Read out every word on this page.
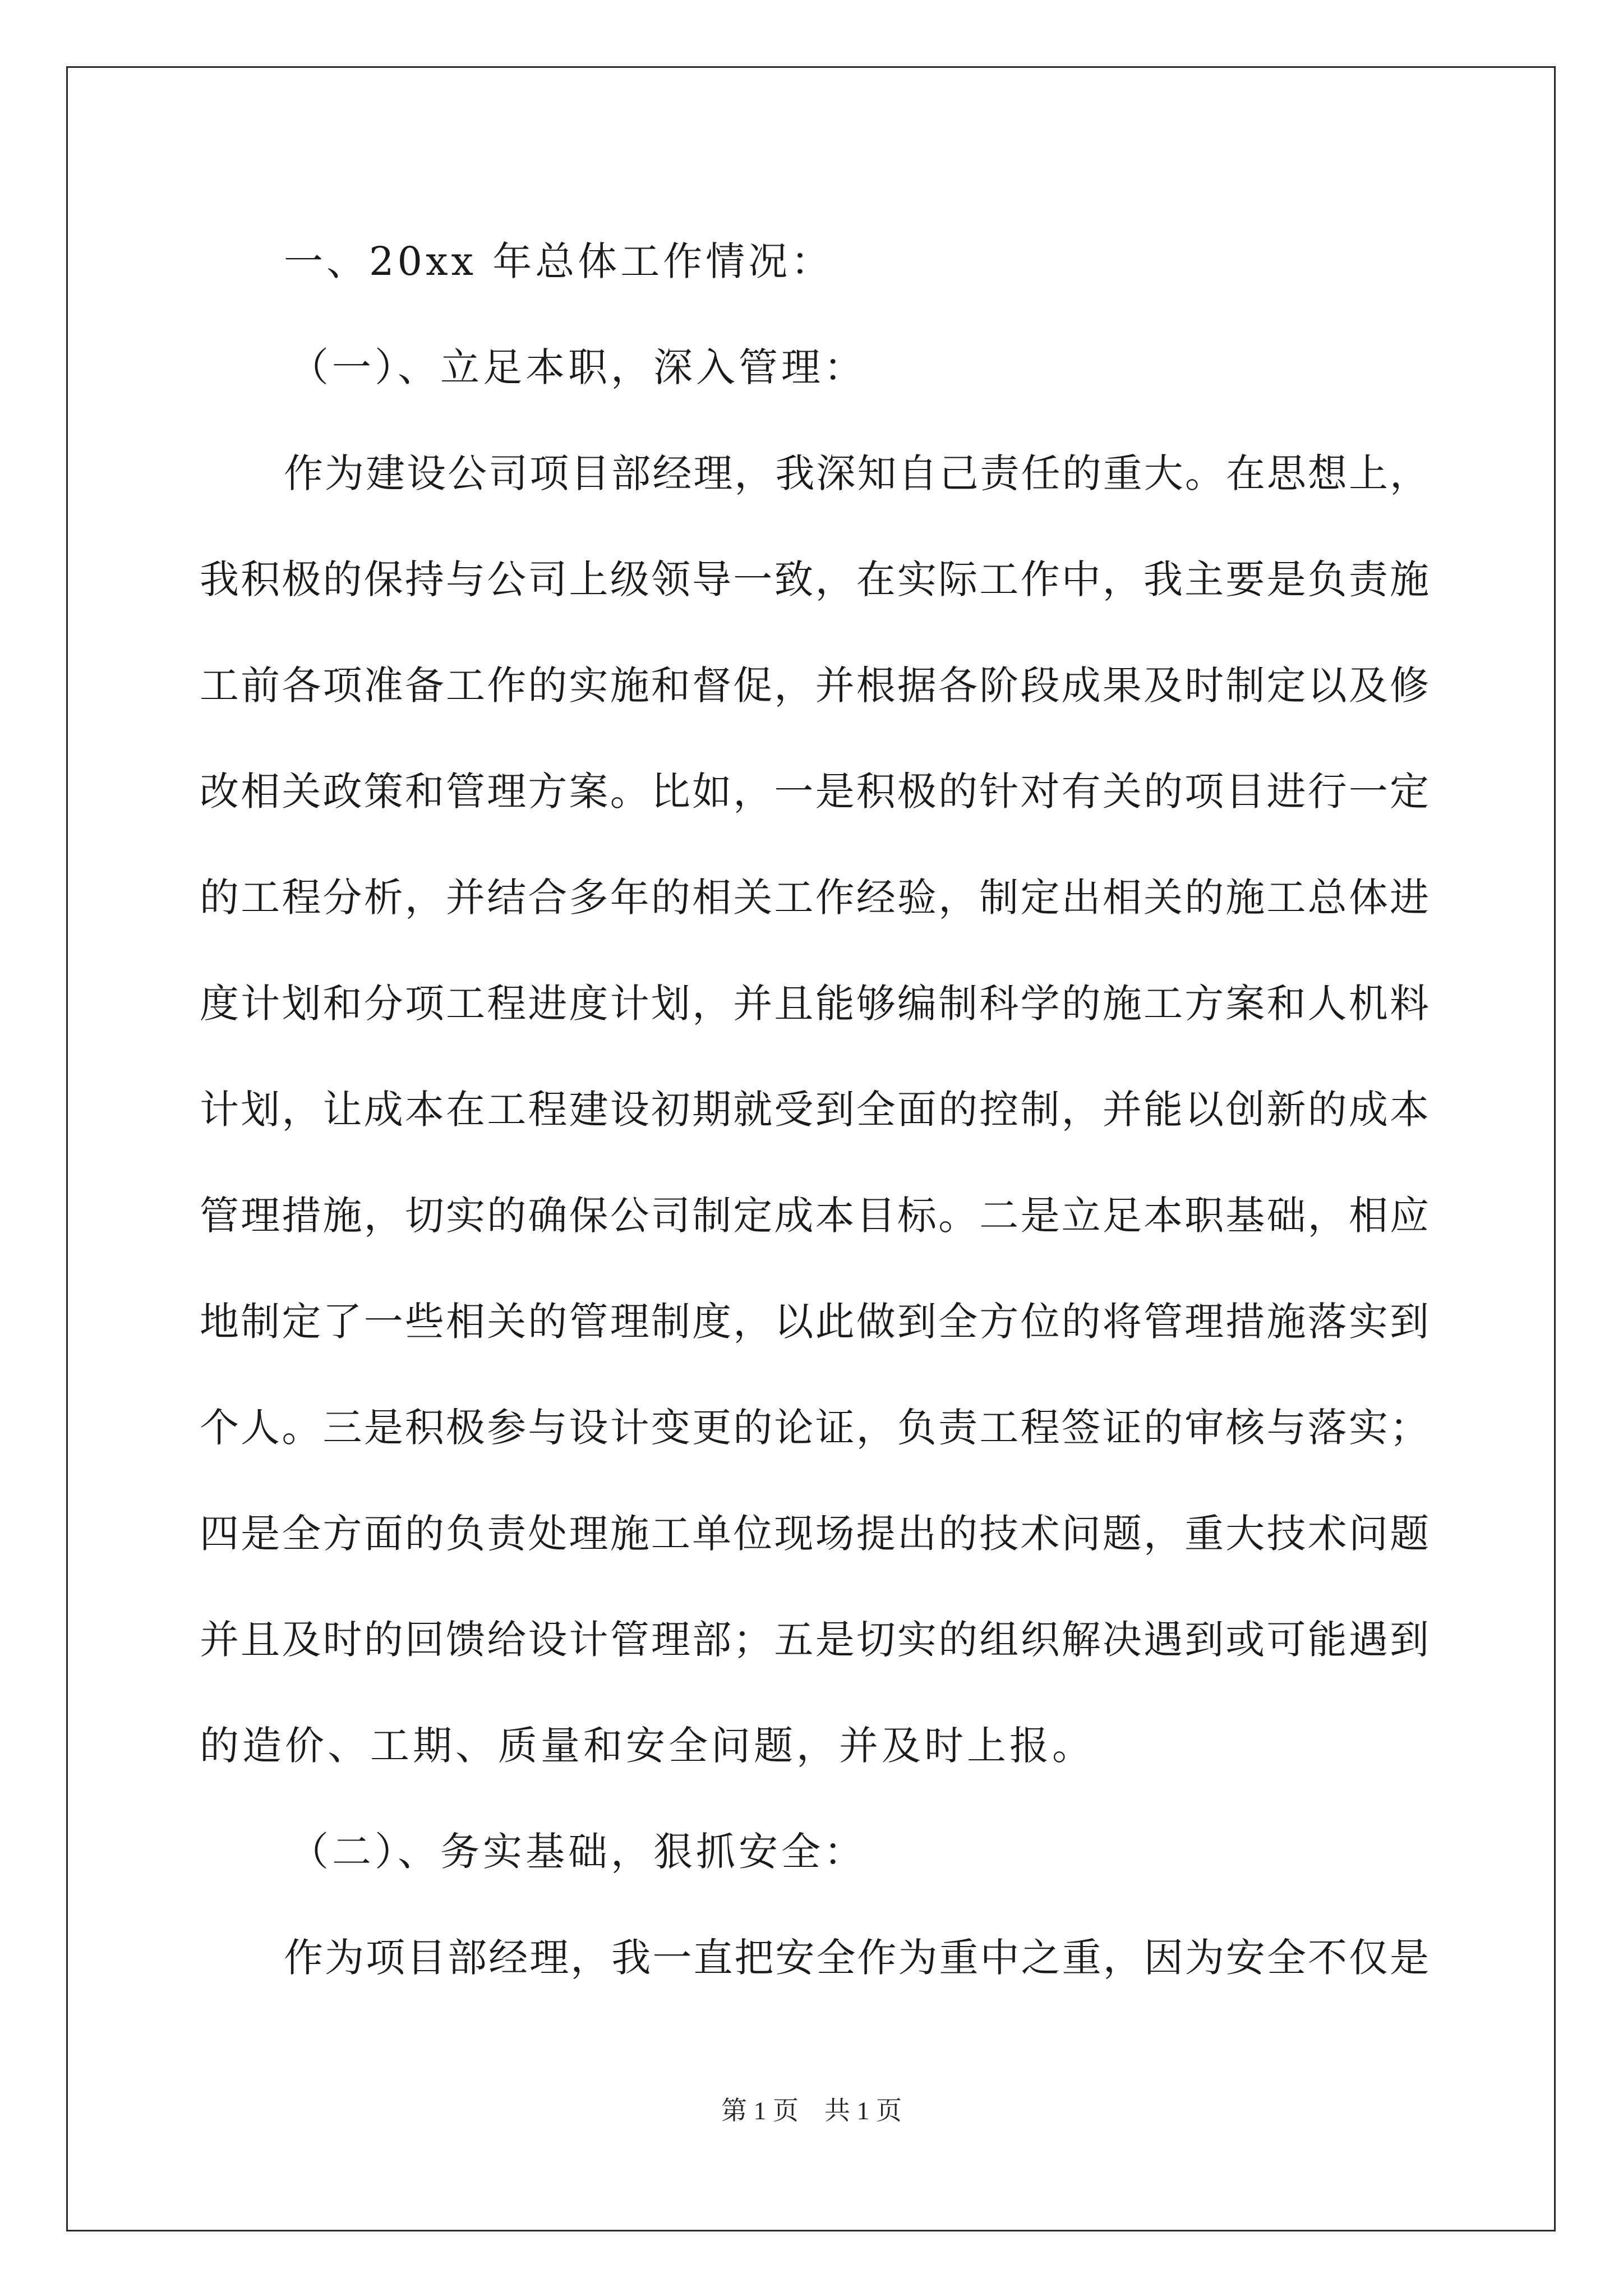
一、20xx 年总体工作情况：
（一）、立足本职，深入管理：
作为建设公司项目部经理，我深知自己责任的重大。在思想上，
我积极的保持与公司上级领导一致，在实际工作中，我主要是负责施
工前各项准备工作的实施和督促，并根据各阶段成果及时制定以及修
改相关政策和管理方案。比如，一是积极的针对有关的项目进行一定
的工程分析，并结合多年的相关工作经验，制定出相关的施工总体进
度计划和分项工程进度计划，并且能够编制科学的施工方案和人机料
计划，让成本在工程建设初期就受到全面的控制，并能以创新的成本
管理措施，切实的确保公司制定成本目标。二是立足本职基础，相应
地制定了一些相关的管理制度，以此做到全方位的将管理措施落实到
个人。三是积极参与设计变更的论证，负责工程签证的审核与落实；
四是全方面的负责处理施工单位现场提出的技术问题，重大技术问题
并且及时的回馈给设计管理部；五是切实的组织解决遇到或可能遇到
的造价、工期、质量和安全问题，并及时上报。
（二）、务实基础，狠抓安全：
作为项目部经理，我一直把安全作为重中之重，因为安全不仅是
第 1 页 共 1 页
